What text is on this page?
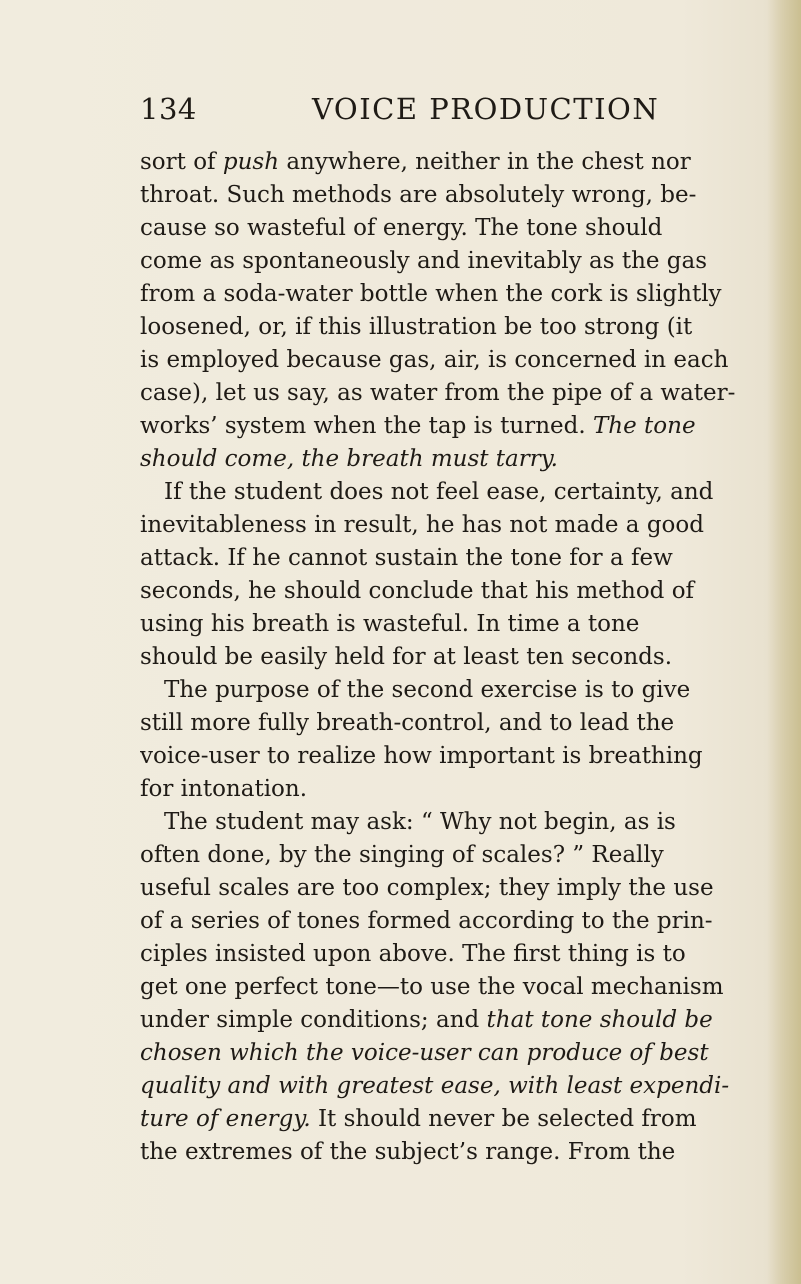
134	VOICE PRODUCTION
sort of push anywhere, neither in the chest nor
throat. Such methods are absolutely wrong, be-
cause so wasteful of energy. The tone should
come as spontaneously and inevitably as the gas
from a soda-water bottle when the cork is slightly
loosened, or, if this illustration be too strong (it
is employed because gas, air, is concerned in each
case), let us say, as water from the pipe of a water-
works’ system when the tap is turned. The tone
should come, the breath must tarry.
If the student does not feel ease, certainty, and
inevitableness in result, he has not made a good
attack. If he cannot sustain the tone for a few
seconds, he should conclude that his method of
using his breath is wasteful. In time a tone
should be easily held for at least ten seconds.
The purpose of the second exercise is to give
still more fully breath-control, and to lead the
voice-user to realize how important is breathing
for intonation.
The student may ask: “ Why not begin, as is
often done, by the singing of scales? ” Really
useful scales are too complex; they imply the use
of a series of tones formed according to the prin-
ciples insisted upon above. The first thing is to
get one perfect tone—to use the vocal mechanism
under simple conditions; and that tone should be
chosen which the voice-user can produce of best
quality and with greatest ease, with least expendi-
ture of energy. It should never be selected from
the extremes of the subject’s range. From the
